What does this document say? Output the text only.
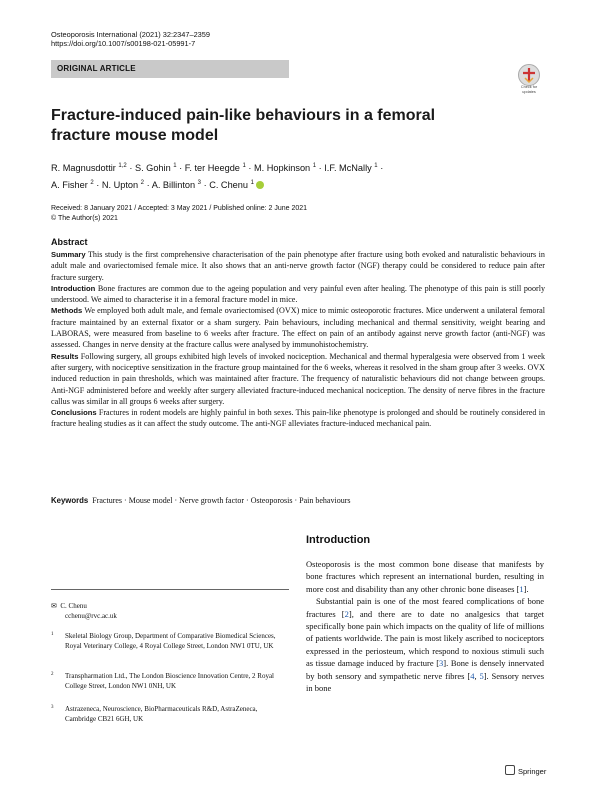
Osteoporosis International (2021) 32:2347–2359
https://doi.org/10.1007/s00198-021-05991-7
ORIGINAL ARTICLE
Check for updates
Fracture-induced pain-like behaviours in a femoral fracture mouse model
R. Magnusdottir $^{1,2}$ · S. Gohin $^1$ · F. ter Heegde $^1$ · M. Hopkinson $^1$ · I.F. McNally $^1$ ·
A. Fisher $^2$ · N. Upton $^2$ · A. Billinton $^3$ · C. Chenu $^1$
Received: 8 January 2021 / Accepted: 3 May 2021 / Published online: 2 June 2021
© The Author(s) 2021
Abstract

Summary This study is the first comprehensive characterisation of the pain phenotype after fracture using both evoked and naturalistic behaviours in adult male and ovariectomised female mice. It also shows that an anti-nerve growth factor (NGF) therapy could be considered to reduce pain after fracture surgery.

Introduction Bone fractures are common due to the ageing population and very painful even after healing. The phenotype of this pain is still poorly understood. We aimed to characterise it in a femoral fracture model in mice.

Methods We employed both adult male, and female ovariectomised (OVX) mice to mimic osteoporotic fractures. Mice underwent a unilateral femoral fracture maintained by an external fixator or a sham surgery. Pain behaviours, including mechanical and thermal sensitivity, weight bearing and LABORAS, were measured from baseline to 6 weeks after fracture. The effect on pain of an antibody against nerve growth factor (anti-NGF) was assessed. Changes in nerve density at the fracture callus were analysed by immunohistochemistry.

Results Following surgery, all groups exhibited high levels of invoked nociception. Mechanical and thermal hyperalgesia were observed from 1 week after surgery, with nociceptive sensitization in the fracture group maintained for the 6 weeks, whereas it resolved in the sham group after 3 weeks. OVX induced reduction in pain thresholds, which was maintained after fracture. The frequency of naturalistic behaviours did not change between groups. Anti-NGF administered before and weekly after surgery alleviated fracture-induced mechanical nociception. The density of nerve fibres in the fracture callus was similar in all groups 6 weeks after surgery.

Conclusions Fractures in rodent models are highly painful in both sexes. This pain-like phenotype is prolonged and should be routinely considered in fracture healing studies as it can affect the study outcome. The anti-NGF alleviates fracture-induced mechanical pain.

Keywords Fractures · Mouse model · Nerve growth factor · Osteoporosis · Pain behaviours
Introduction

Osteoporosis is the most common bone disease that manifests by bone fractures which represent an international burden, resulting in more cost and disability than any other chronic bone diseases [1].

Substantial pain is one of the most feared complications of bone fractures [2], and there are to date no analgesics that target specifically bone pain which impacts on the quality of life of millions of patients worldwide. The pain is most likely ascribed to nociceptors expressed in the periosteum, which respond to noxious stimuli such as tissue damage induced by fracture [3]. Bone is densely innervated by both sensory and sympathetic nerve fibres [4, 5]. Sensory nerves in bone

✉ C. Chenu
cchenu@rvc.ac.uk
1 Skeletal Biology Group, Department of Comparative Biomedical Sciences, Royal Veterinary College, 4 Royal College Street, London NW1 0TU, UK
2 Transpharmation Ltd., The London Bioscience Innovation Centre, 2 Royal College Street, London NW1 0NH, UK
3 Astrazeneca, Neuroscience, BioPharmaceuticals R&D, AstraZeneca, Cambridge CB21 6GH, UK
Springer
